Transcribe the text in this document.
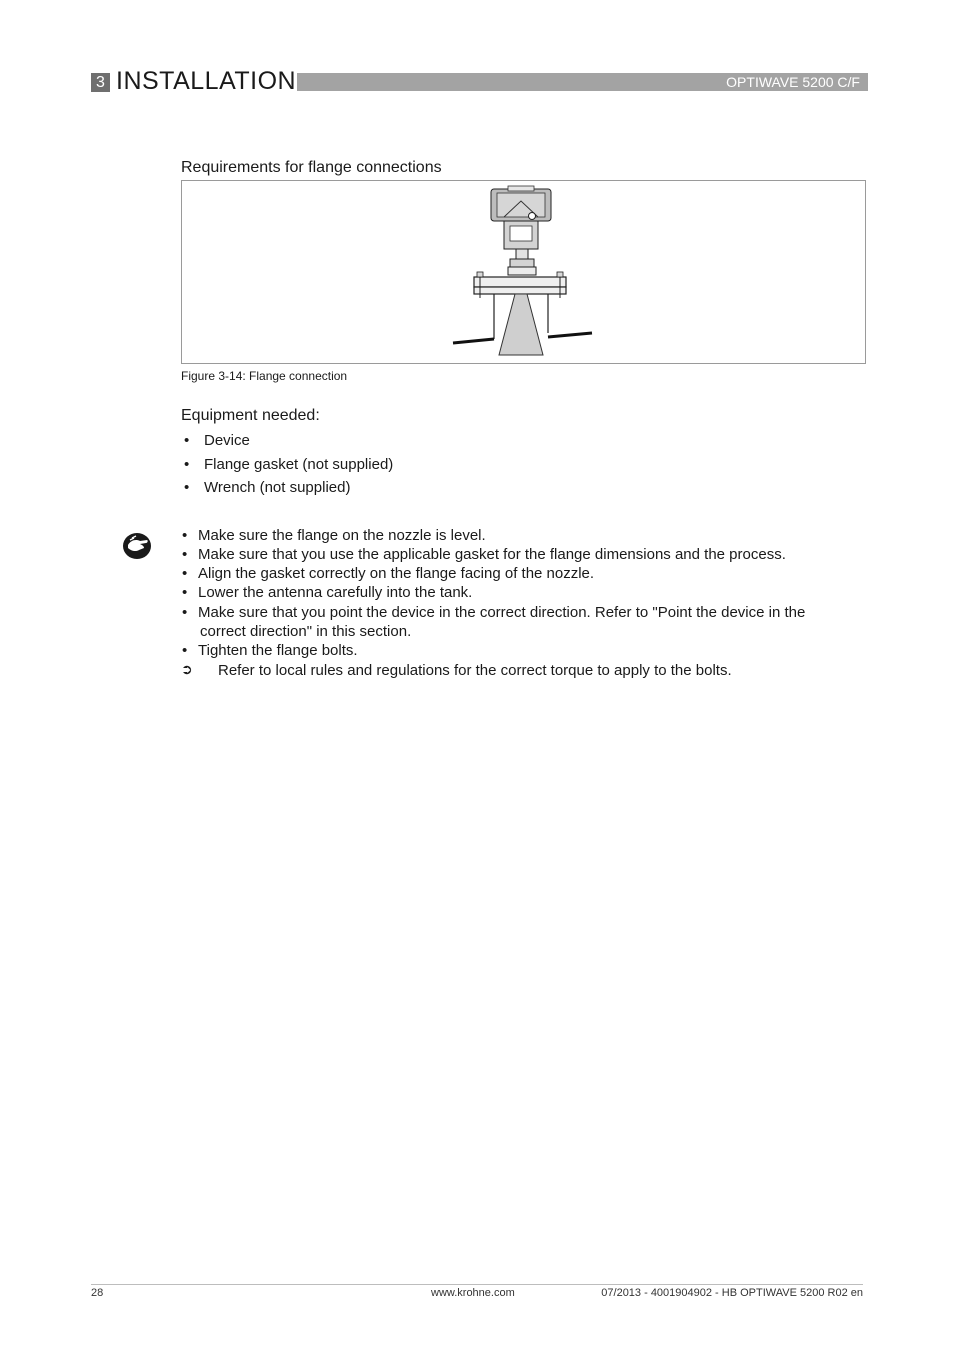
3 INSTALLATION	OPTIWAVE 5200 C/F
Requirements for flange connections
Figure 3-14: Flange connection
Equipment needed:
• Device
• Flange gasket (not supplied)
• Wrench (not supplied)
• Make sure the flange on the nozzle is level.
• Make sure that you use the applicable gasket for the flange dimensions and the process.
• Align the gasket correctly on the flange facing of the nozzle.
• Lower the antenna carefully into the tank.
• Make sure that you point the device in the correct direction. Refer to "Point the device in the
correct direction" in this section.
• Tighten the flange bolts.
➲ Refer to local rules and regulations for the correct torque to apply to the bolts.
28	www.krohne.com	07/2013 - 4001904902 - HB OPTIWAVE 5200 R02 en
